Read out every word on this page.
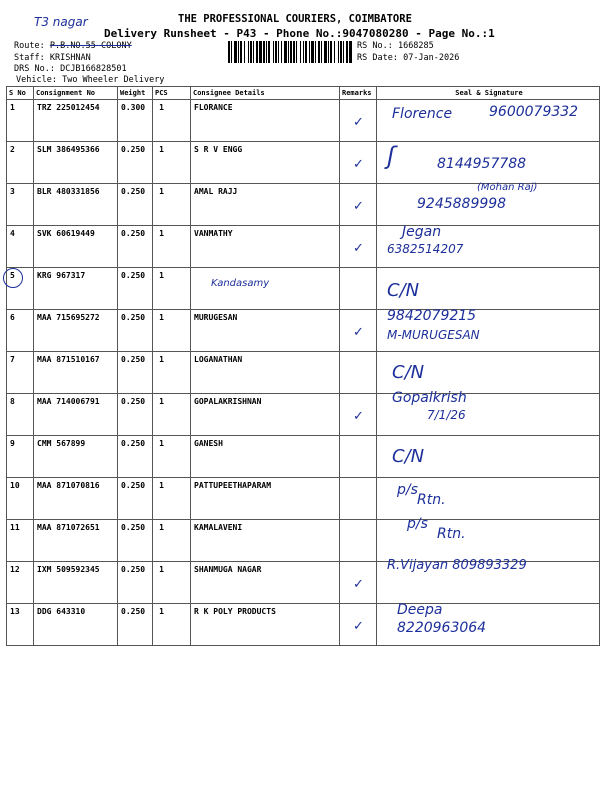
THE PROFESSIONAL COURIERS, COIMBATORE
T3 nagar
Delivery Runsheet - P43 - Phone No.:9047080280 - Page No.:1
Route: P.B.NO.55 COLONY
Staff: KRISHNAN
DRS No.: DCJB166828501
Vehicle: Two Wheeler Delivery
RS No.: 1668285
RS Date: 07-Jan-2026
S No	Consignment No	Weight	PCS	Consignee Details	Remarks	Seal & Signature
1	TRZ 225012454	0.300	1	FLORANCE	✓	Florence 9600079332

2	SLM 386495366	0.250	1	S R V ENGG	✓	ʃ 8144957788

3	BLR 480331856	0.250	1	AMAL RAJJ	✓	(Mohan Raj)
9245889998

4	SVK 60619449	0.250	1	VANMATHY	✓	Jegan
6382514207

5	KRG 967317	0.250	1	Kandasamy		C/N

6	MAA 715695272	0.250	1	MURUGESAN	✓	9842079215
M-MURUGESAN

7	MAA 871510167	0.250	1	LOGANATHAN		C/N

8	MAA 714006791	0.250	1	GOPALAKRISHNAN	✓	Gopalkrish
7/1/26

9	CMM 567899	0.250	1	GANESH		C/N

10	MAA 871070816	0.250	1	PATTUPEETHAPARAM		p/s
Rtn.

11	MAA 871072651	0.250	1	KAMALAVENI		p/s
Rtn.

12	IXM 509592345	0.250	1	SHANMUGA NAGAR	✓	R.Vijayan 809893329

13	DDG 643310	0.250	1	R K POLY PRODUCTS	✓	Deepa
8220963064
